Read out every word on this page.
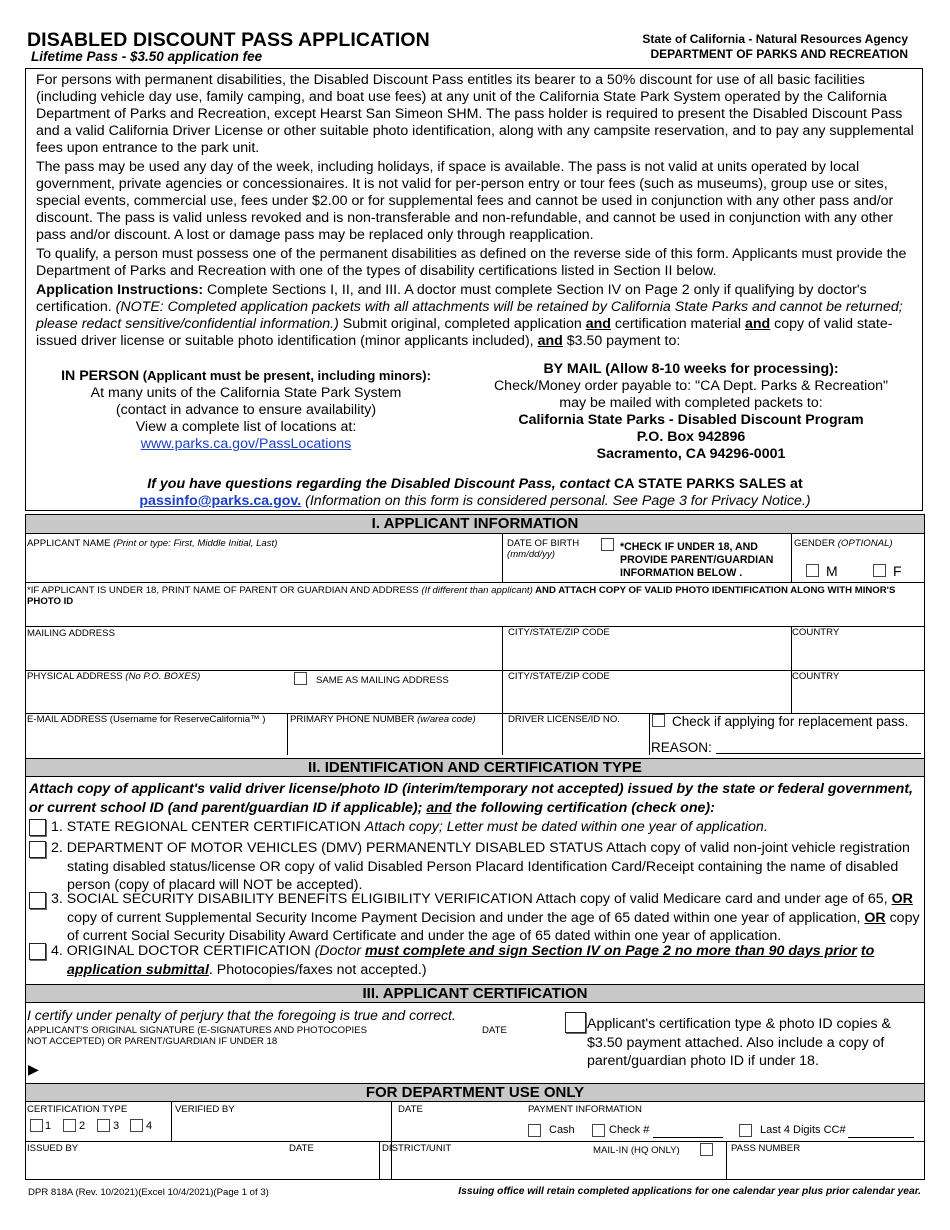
DISABLED DISCOUNT PASS APPLICATION
Lifetime Pass - $3.50 application fee
State of California - Natural Resources Agency
DEPARTMENT OF PARKS AND RECREATION

For persons with permanent disabilities, the Disabled Discount Pass entitles its bearer to a 50% discount for use of all basic facilities (including vehicle day use, family camping, and boat use fees) at any unit of the California State Park System operated by the California Department of Parks and Recreation, except Hearst San Simeon SHM. The pass holder is required to present the Disabled Discount Pass and a valid California Driver License or other suitable photo identification, along with any campsite reservation, and to pay any supplemental fees upon entrance to the park unit.

The pass may be used any day of the week, including holidays, if space is available. The pass is not valid at units operated by local government, private agencies or concessionaires. It is not valid for per-person entry or tour fees (such as museums), group use or sites, special events, commercial use, fees under $2.00 or for supplemental fees and cannot be used in conjunction with any other pass and/or discount. The pass is valid unless revoked and is non-transferable and non-refundable, and cannot be used in conjunction with any other pass and/or discount. A lost or damage pass may be replaced only through reapplication.

To qualify, a person must possess one of the permanent disabilities as defined on the reverse side of this form. Applicants must provide the Department of Parks and Recreation with one of the types of disability certifications listed in Section II below.

Application Instructions: Complete Sections I, II, and III. A doctor must complete Section IV on Page 2 only if qualifying by doctor's certification. (NOTE: Completed application packets with all attachments will be retained by California State Parks and cannot be returned; please redact sensitive/confidential information.) Submit original, completed application and certification material and copy of valid state-issued driver license or suitable photo identification (minor applicants included), and $3.50 payment to:

IN PERSON (Applicant must be present, including minors):
At many units of the California State Park System
(contact in advance to ensure availability)
View a complete list of locations at:
www.parks.ca.gov/PassLocations
BY MAIL (Allow 8-10 weeks for processing):
Check/Money order payable to: "CA Dept. Parks & Recreation"
may be mailed with completed packets to:
California State Parks - Disabled Discount Program
P.O. Box 942896
Sacramento, CA 94296-0001
If you have questions regarding the Disabled Discount Pass, contact CA STATE PARKS SALES at
passinfo@parks.ca.gov. (Information on this form is considered personal. See Page 3 for Privacy Notice.)
I. APPLICANT INFORMATION
APPLICANT NAME (Print or type: First, Middle Initial, Last)	DATE OF BIRTH
(mm/dd/yy)
*CHECK IF UNDER 18, AND PROVIDE PARENT/GUARDIAN INFORMATION BELOW .
GENDER (OPTIONAL)
M	F
*IF APPLICANT IS UNDER 18, PRINT NAME OF PARENT OR GUARDIAN AND ADDRESS (If different than applicant) AND ATTACH COPY OF VALID PHOTO IDENTIFICATION ALONG WITH MINOR'S PHOTO ID
MAILING ADDRESS	CITY/STATE/ZIP CODE	COUNTRY
PHYSICAL ADDRESS (No P.O. BOXES)	SAME AS MAILING ADDRESS	CITY/STATE/ZIP CODE	COUNTRY
E-MAIL ADDRESS (Username for ReserveCalifornia™ )	PRIMARY PHONE NUMBER (w/area code)	DRIVER LICENSE/ID NO.	Check if applying for replacement pass.
REASON:
II. IDENTIFICATION AND CERTIFICATION TYPE
Attach copy of applicant's valid driver license/photo ID (interim/temporary not accepted) issued by the state or federal government, or current school ID (and parent/guardian ID if applicable); and the following certification (check one):
1. STATE REGIONAL CENTER CERTIFICATION Attach copy; Letter must be dated within one year of application.
2. DEPARTMENT OF MOTOR VEHICLES (DMV) PERMANENTLY DISABLED STATUS Attach copy of valid non-joint vehicle registration stating disabled status/license OR copy of valid Disabled Person Placard Identification Card/Receipt containing the name of disabled person (copy of placard will NOT be accepted).
3. SOCIAL SECURITY DISABILITY BENEFITS ELIGIBILITY VERIFICATION Attach copy of valid Medicare card and under age of 65, OR copy of current Supplemental Security Income Payment Decision and under the age of 65 dated within one year of application, OR copy of current Social Security Disability Award Certificate and under the age of 65 dated within one year of application.
4. ORIGINAL DOCTOR CERTIFICATION (Doctor must complete and sign Section IV on Page 2 no more than 90 days prior to application submittal. Photocopies/faxes not accepted.)
III. APPLICANT CERTIFICATION
I certify under penalty of perjury that the foregoing is true and correct.
APPLICANT'S ORIGINAL SIGNATURE (E-SIGNATURES AND PHOTOCOPIES NOT ACCEPTED) OR PARENT/GUARDIAN IF UNDER 18
DATE
▶
Applicant's certification type & photo ID copies & $3.50 payment attached. Also include a copy of parent/guardian photo ID if under 18.
FOR DEPARTMENT USE ONLY
CERTIFICATION TYPE
1	2	3 4
VERIFIED BY	DATE	PAYMENT INFORMATION
Cash	Check #	Last 4 Digits CC#
ISSUED BY	DATE	DISTRICT/UNIT	MAIL-IN (HQ ONLY)	PASS NUMBER
DPR 818A (Rev. 10/2021)(Excel 10/4/2021)(Page 1 of 3)	Issuing office will retain completed applications for one calendar year plus prior calendar year.
